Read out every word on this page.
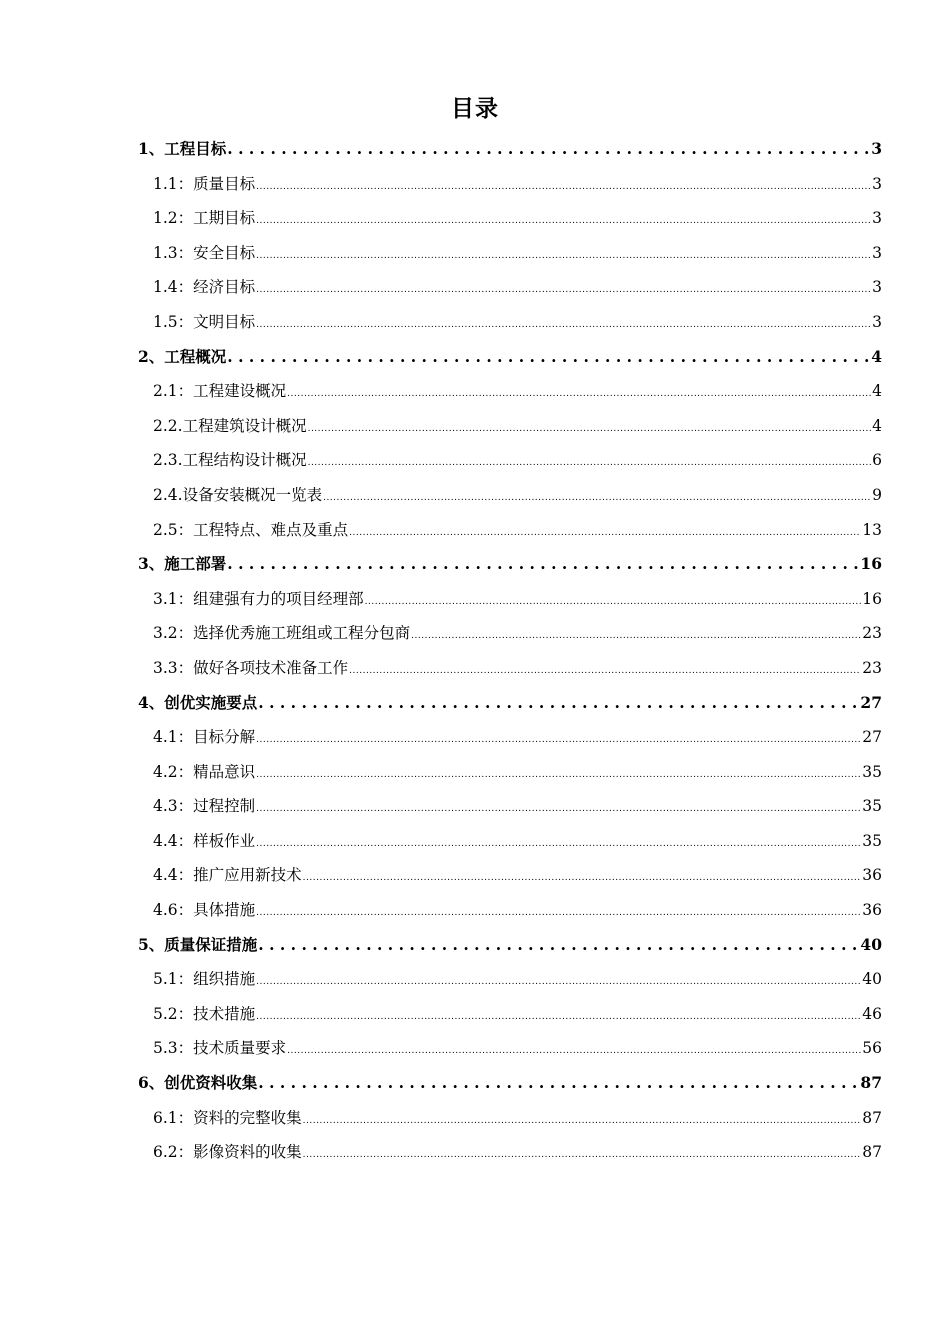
目录
1、工程目标 . . .	3
1.1：质量目标 .....	3
1.2：工期目标 .....	3
1.3：安全目标 .....	3
1.4：经济目标 .....	3
1.5：文明目标 .....	3
2、工程概况 . . .	4
2.1：工程建设概况 .....	4
2.2.工程建筑设计概况 .....	4
2.3.工程结构设计概况 .....	6
2.4.设备安装概况一览表 .....	9
2.5：工程特点、难点及重点 .....	13
3、施工部署 . . .	16
3.1：组建强有力的项目经理部 .....	16
3.2：选择优秀施工班组或工程分包商 .....	23
3.3：做好各项技术准备工作 .....	23
4、创优实施要点 . . .	27
4.1：目标分解 .....	27
4.2：精品意识 .....	35
4.3：过程控制 .....	35
4.4：样板作业 .....	35
4.4：推广应用新技术 .....	36
4.6：具体措施 .....	36
5、质量保证措施 . . .	40
5.1：组织措施 .....	40
5.2：技术措施 .....	46
5.3：技术质量要求 .....	56
6、创优资料收集 . . .	87
6.1：资料的完整收集 .....	87
6.2：影像资料的收集 .....	87
